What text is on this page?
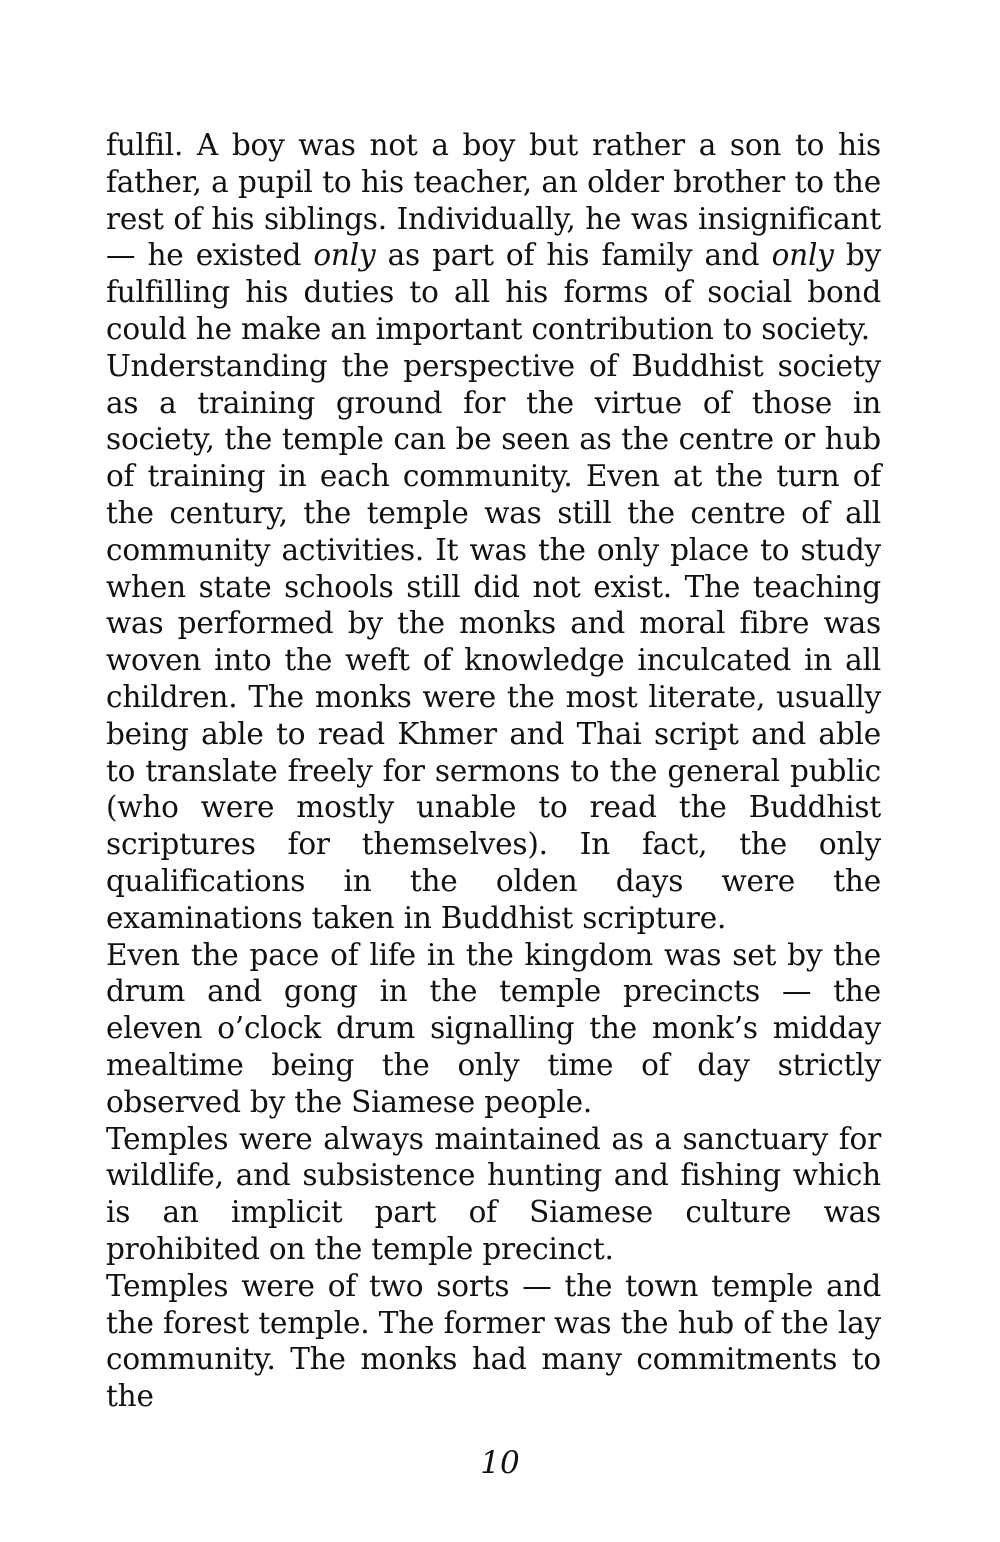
fulfil. A boy was not a boy but rather a son to his father, a pupil to his teacher, an older brother to the rest of his siblings. Individually, he was insignificant — he existed only as part of his family and only by fulfilling his duties to all his forms of social bond could he make an important contribution to society.

Understanding the perspective of Buddhist society as a training ground for the virtue of those in society, the temple can be seen as the centre or hub of training in each community. Even at the turn of the century, the temple was still the centre of all community activities. It was the only place to study when state schools still did not exist. The teaching was performed by the monks and moral fibre was woven into the weft of knowledge inculcated in all children. The monks were the most literate, usually being able to read Khmer and Thai script and able to translate freely for sermons to the general public (who were mostly unable to read the Buddhist scriptures for themselves). In fact, the only qualifications in the olden days were the examinations taken in Buddhist scripture.

Even the pace of life in the kingdom was set by the drum and gong in the temple precincts — the eleven o’clock drum signalling the monk’s midday mealtime being the only time of day strictly observed by the Siamese people.

Temples were always maintained as a sanctuary for wildlife, and subsistence hunting and fishing which is an implicit part of Siamese culture was prohibited on the temple precinct.

Temples were of two sorts — the town temple and the forest temple. The former was the hub of the lay community. The monks had many commitments to the

10
